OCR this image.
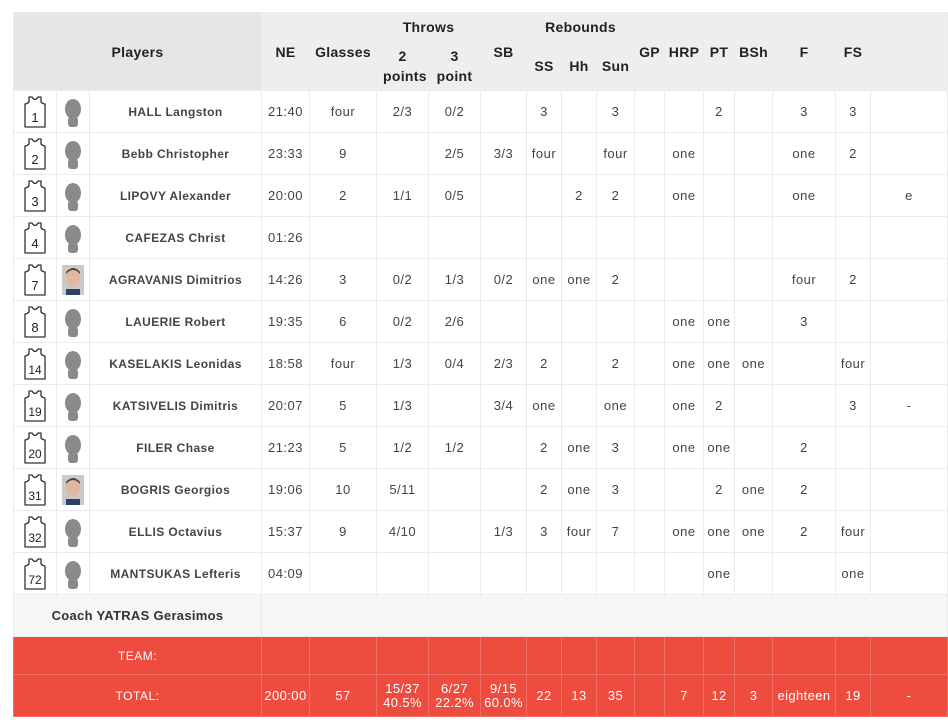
Players			NE	Glasses	Throws		SB	Rebounds			GP	HRP	PT	BSh	F	FS	
					2 points	3 point		SS	Hh	Sun							

1		HALL Langston	21:40	four	2/3	0/2		3		3			2		3	3	

2		Bebb Christopher	23:33	9		2/5	3/3	four		four		one			one	2	

3		LIPOVY Alexander	20:00	2	1/1	0/5			2	2		one			one		e

4		CAFEZAS Christ	01:26														

7		AGRAVANIS Dimitrios	14:26	3	0/2	1/3	0/2	one	one	2					four	2	

8		LAUERIE Robert	19:35	6	0/2	2/6						one	one		3		

14		KASELAKIS Leonidas	18:58	four	1/3	0/4	2/3	2		2		one	one	one		four	

19		KATSIVELIS Dimitris	20:07	5	1/3		3/4	one		one		one	2			3	-

20		FILER Chase	21:23	5	1/2	1/2		2	one	3		one	one		2		

31		BOGRIS Georgios	19:06	10	5/11			2	one	3			2	one	2		

32		ELLIS Octavius	15:37	9	4/10		1/3	3	four	7		one	one	one	2	four	

72		MANTSUKAS Lefteris	04:09										one			one	
Coach YATRAS Gerasimos																	
TEAM:																	
TOTAL:			200:00	57	15/37 40.5%	6/27 22.2%	9/15 60.0%	22	13	35		7	12	3	eighteen	19	-
